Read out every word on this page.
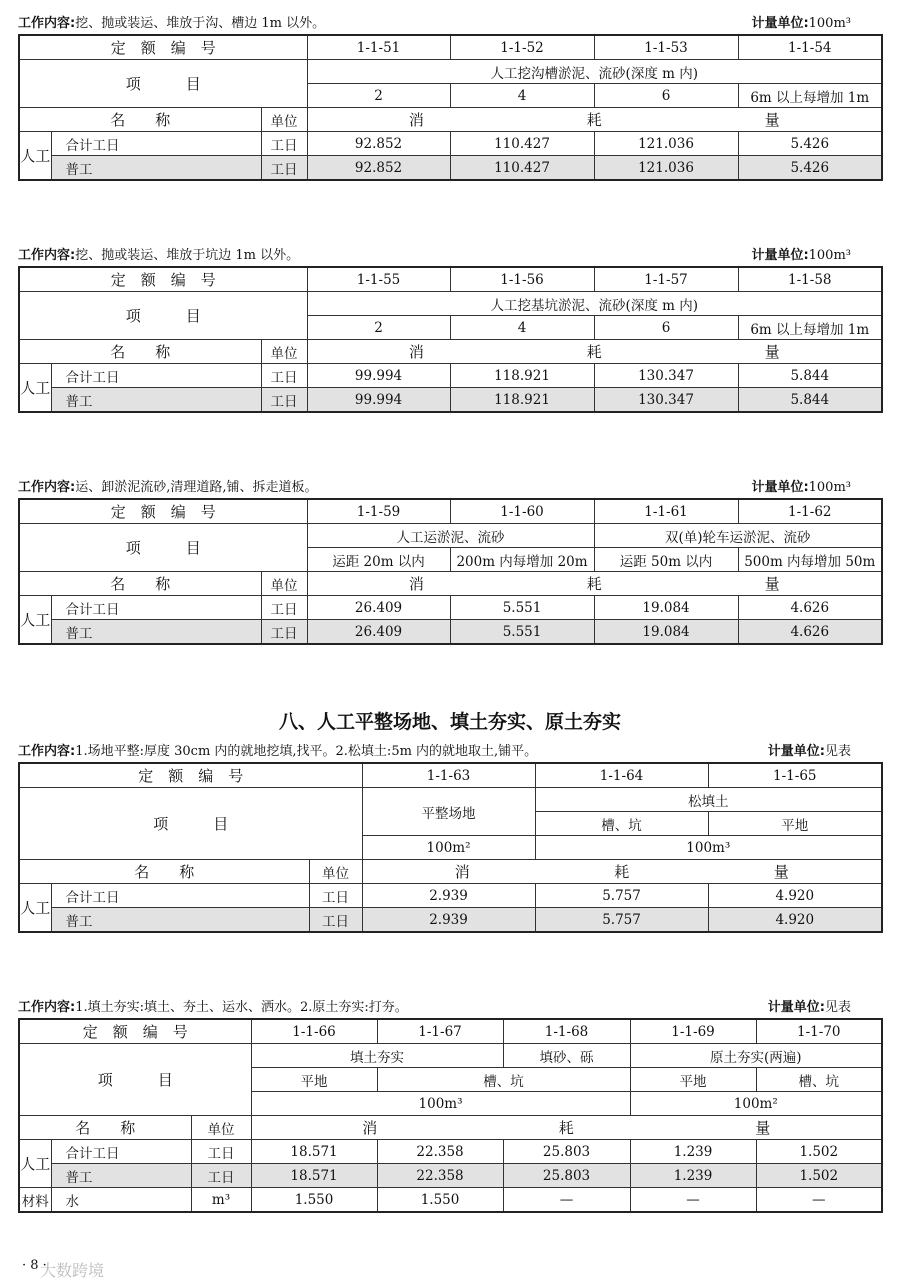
工作内容:挖、抛或装运、堆放于沟、槽边 1m 以外。	计量单位:100m³
定　额　编　号			1-1-51	1-1-52	1-1-53	1-1-54
项　　　目			人工挖沟槽淤泥、流砂(深度 m 内)			
			2	4	6	6m 以上每增加 1m
名　　称		单位	消 耗 量			

人工	合计工日	工日	92.852	110.427	121.036	5.426
	普工	工日	92.852	110.427	121.036	5.426
工作内容:挖、抛或装运、堆放于坑边 1m 以外。	计量单位:100m³
定　额　编　号			1-1-55	1-1-56	1-1-57	1-1-58
项　　　目			人工挖基坑淤泥、流砂(深度 m 内)			
			2	4	6	6m 以上每增加 1m
名　　称		单位	消 耗 量			

人工	合计工日	工日	99.994	118.921	130.347	5.844
	普工	工日	99.994	118.921	130.347	5.844
工作内容:运、卸淤泥流砂,清理道路,铺、拆走道板。	计量单位:100m³
定　额　编　号			1-1-59	1-1-60	1-1-61	1-1-62
项　　　目			人工运淤泥、流砂		双(单)轮车运淤泥、流砂	
			运距 20m 以内	200m 内每增加 20m	运距 50m 以内	500m 内每增加 50m
名　　称		单位	消 耗 量			

人工	合计工日	工日	26.409	5.551	19.084	4.626
	普工	工日	26.409	5.551	19.084	4.626
八、人工平整场地、填土夯实、原土夯实
工作内容:1.场地平整:厚度 30cm 内的就地挖填,找平。2.松填土:5m 内的就地取土,铺平。	计量单位:见表
定　额　编　号			1-1-63	1-1-64	1-1-65
项　　　目			平整场地	松填土	
				槽、坑	平地
			100m²	100m³	
名　　称		单位	消 耗 量		

人工	合计工日	工日	2.939	5.757	4.920
	普工	工日	2.939	5.757	4.920
工作内容:1.填土夯实:填土、夯土、运水、洒水。2.原土夯实:打夯。	计量单位:见表
定　额　编　号			1-1-66	1-1-67	1-1-68	1-1-69	1-1-70
项　　　目			填土夯实		填砂、砾	原土夯实(两遍)	
			平地	槽、坑		平地	槽、坑
			100m³			100m²	
名　　称		单位	消 耗 量				

人工	合计工日	工日	18.571	22.358	25.803	1.239	1.502
	普工	工日	18.571	22.358	25.803	1.239	1.502
材料	水	m³	1.550	1.550	—	—	—
· 8 ·
大数跨境
